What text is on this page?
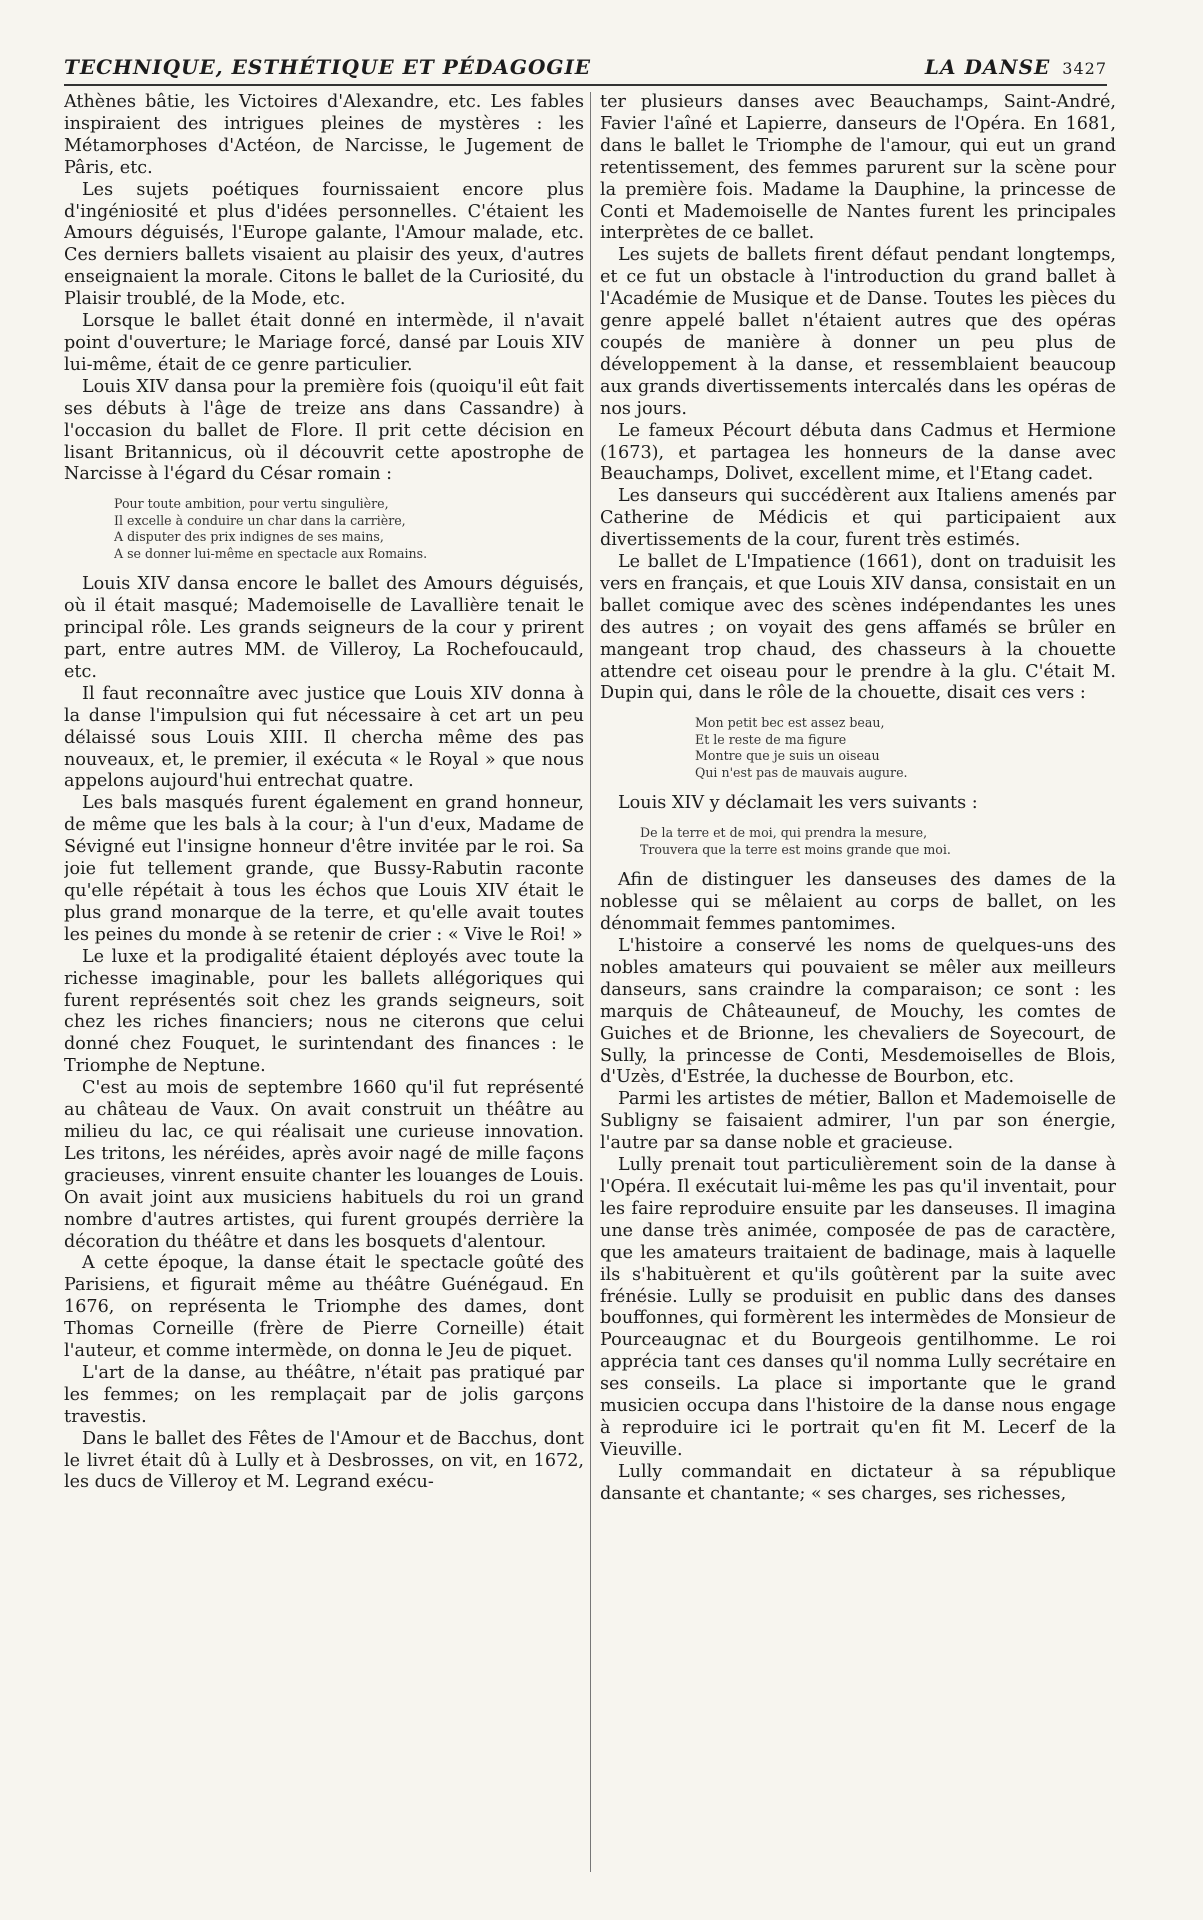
TECHNIQUE, ESTHÉTIQUE ET PÉDAGOGIE	LA DANSE 3427

Athènes bâtie, les Victoires d'Alexandre, etc. Les fables inspiraient des intrigues pleines de mystères : les Métamorphoses d'Actéon, de Narcisse, le Jugement de Pâris, etc.

Les sujets poétiques fournissaient encore plus d'ingéniosité et plus d'idées personnelles. C'étaient les Amours déguisés, l'Europe galante, l'Amour malade, etc. Ces derniers ballets visaient au plaisir des yeux, d'autres enseignaient la morale. Citons le ballet de la Curiosité, du Plaisir troublé, de la Mode, etc.

Lorsque le ballet était donné en intermède, il n'avait point d'ouverture; le Mariage forcé, dansé par Louis XIV lui-même, était de ce genre particulier.

Louis XIV dansa pour la première fois (quoiqu'il eût fait ses débuts à l'âge de treize ans dans Cassandre) à l'occasion du ballet de Flore. Il prit cette décision en lisant Britannicus, où il découvrit cette apostrophe de Narcisse à l'égard du César romain :

Pour toute ambition, pour vertu singulière,
Il excelle à conduire un char dans la carrière,
A disputer des prix indignes de ses mains,
A se donner lui-même en spectacle aux Romains.

Louis XIV dansa encore le ballet des Amours déguisés, où il était masqué; Mademoiselle de Lavallière tenait le principal rôle. Les grands seigneurs de la cour y prirent part, entre autres MM. de Villeroy, La Rochefoucauld, etc.

Il faut reconnaître avec justice que Louis XIV donna à la danse l'impulsion qui fut nécessaire à cet art un peu délaissé sous Louis XIII. Il chercha même des pas nouveaux, et, le premier, il exécuta « le Royal » que nous appelons aujourd'hui entrechat quatre.

Les bals masqués furent également en grand honneur, de même que les bals à la cour; à l'un d'eux, Madame de Sévigné eut l'insigne honneur d'être invitée par le roi. Sa joie fut tellement grande, que Bussy-Rabutin raconte qu'elle répétait à tous les échos que Louis XIV était le plus grand monarque de la terre, et qu'elle avait toutes les peines du monde à se retenir de crier : « Vive le Roi! »

Le luxe et la prodigalité étaient déployés avec toute la richesse imaginable, pour les ballets allégoriques qui furent représentés soit chez les grands seigneurs, soit chez les riches financiers; nous ne citerons que celui donné chez Fouquet, le surintendant des finances : le Triomphe de Neptune.

C'est au mois de septembre 1660 qu'il fut représenté au château de Vaux. On avait construit un théâtre au milieu du lac, ce qui réalisait une curieuse innovation. Les tritons, les néréides, après avoir nagé de mille façons gracieuses, vinrent ensuite chanter les louanges de Louis. On avait joint aux musiciens habituels du roi un grand nombre d'autres artistes, qui furent groupés derrière la décoration du théâtre et dans les bosquets d'alentour.

A cette époque, la danse était le spectacle goûté des Parisiens, et figurait même au théâtre Guénégaud. En 1676, on représenta le Triomphe des dames, dont Thomas Corneille (frère de Pierre Corneille) était l'auteur, et comme intermède, on donna le Jeu de piquet.

L'art de la danse, au théâtre, n'était pas pratiqué par les femmes; on les remplaçait par de jolis garçons travestis.

Dans le ballet des Fêtes de l'Amour et de Bacchus, dont le livret était dû à Lully et à Desbrosses, on vit, en 1672, les ducs de Villeroy et M. Legrand exécu-

ter plusieurs danses avec Beauchamps, Saint-André, Favier l'aîné et Lapierre, danseurs de l'Opéra. En 1681, dans le ballet le Triomphe de l'amour, qui eut un grand retentissement, des femmes parurent sur la scène pour la première fois. Madame la Dauphine, la princesse de Conti et Mademoiselle de Nantes furent les principales interprètes de ce ballet.

Les sujets de ballets firent défaut pendant longtemps, et ce fut un obstacle à l'introduction du grand ballet à l'Académie de Musique et de Danse. Toutes les pièces du genre appelé ballet n'étaient autres que des opéras coupés de manière à donner un peu plus de développement à la danse, et ressemblaient beaucoup aux grands divertissements intercalés dans les opéras de nos jours.

Le fameux Pécourt débuta dans Cadmus et Hermione (1673), et partagea les honneurs de la danse avec Beauchamps, Dolivet, excellent mime, et l'Etang cadet.

Les danseurs qui succédèrent aux Italiens amenés par Catherine de Médicis et qui participaient aux divertissements de la cour, furent très estimés.

Le ballet de L'Impatience (1661), dont on traduisit les vers en français, et que Louis XIV dansa, consistait en un ballet comique avec des scènes indépendantes les unes des autres ; on voyait des gens affamés se brûler en mangeant trop chaud, des chasseurs à la chouette attendre cet oiseau pour le prendre à la glu. C'était M. Dupin qui, dans le rôle de la chouette, disait ces vers :

Mon petit bec est assez beau,
Et le reste de ma figure
Montre que je suis un oiseau
Qui n'est pas de mauvais augure.

Louis XIV y déclamait les vers suivants :

De la terre et de moi, qui prendra la mesure,
Trouvera que la terre est moins grande que moi.

Afin de distinguer les danseuses des dames de la noblesse qui se mêlaient au corps de ballet, on les dénommait femmes pantomimes.

L'histoire a conservé les noms de quelques-uns des nobles amateurs qui pouvaient se mêler aux meilleurs danseurs, sans craindre la comparaison; ce sont : les marquis de Châteauneuf, de Mouchy, les comtes de Guiches et de Brionne, les chevaliers de Soyecourt, de Sully, la princesse de Conti, Mesdemoiselles de Blois, d'Uzès, d'Estrée, la duchesse de Bourbon, etc.

Parmi les artistes de métier, Ballon et Mademoiselle de Subligny se faisaient admirer, l'un par son énergie, l'autre par sa danse noble et gracieuse.

Lully prenait tout particulièrement soin de la danse à l'Opéra. Il exécutait lui-même les pas qu'il inventait, pour les faire reproduire ensuite par les danseuses. Il imagina une danse très animée, composée de pas de caractère, que les amateurs traitaient de badinage, mais à laquelle ils s'habituèrent et qu'ils goûtèrent par la suite avec frénésie. Lully se produisit en public dans des danses bouffonnes, qui formèrent les intermèdes de Monsieur de Pourceaugnac et du Bourgeois gentilhomme. Le roi apprécia tant ces danses qu'il nomma Lully secrétaire en ses conseils. La place si importante que le grand musicien occupa dans l'histoire de la danse nous engage à reproduire ici le portrait qu'en fit M. Lecerf de la Vieuville.

Lully commandait en dictateur à sa république dansante et chantante; « ses charges, ses richesses,
